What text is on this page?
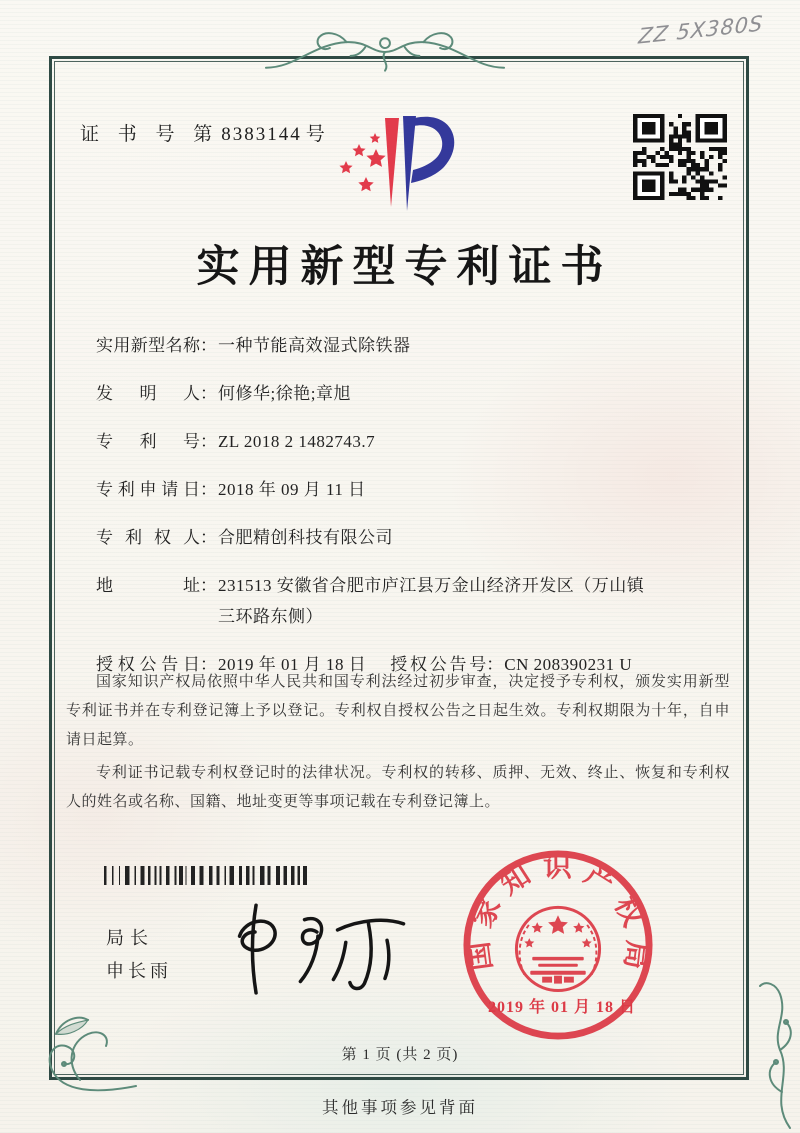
ZZ 5X380S
证 书 号 第 8383144 号
实用新型专利证书
实 用 新 型 名 称 ： 一种节能高效湿式除铁器
发 明 人 ： 何修华;徐艳;章旭
专 利 号 ： ZL 2018 2 1482743.7
专 利 申 请 日 ： 2018 年 09 月 11 日
专 利 权 人 ： 合肥精创科技有限公司
地	址 ： 231513 安徽省合肥市庐江县万金山经济开发区（万山镇三环路东侧）
授 权 公 告 日 ： 2019 年 01 月 18 日 授 权 公 告 号 ： CN 208390231 U

国家知识产权局依照中华人民共和国专利法经过初步审查，决定授予专利权，颁发实用新型专利证书并在专利登记簿上予以登记。专利权自授权公告之日起生效。专利权期限为十年，自申请日起算。

专利证书记载专利权登记时的法律状况。专利权的转移、质押、无效、终止、恢复和专利权人的姓名或名称、国籍、地址变更等事项记载在专利登记簿上。

局长
申长雨	国家知识产权局
2019 年 01 月 18 日
第 1 页 (共 2 页)
其他事项参见背面
